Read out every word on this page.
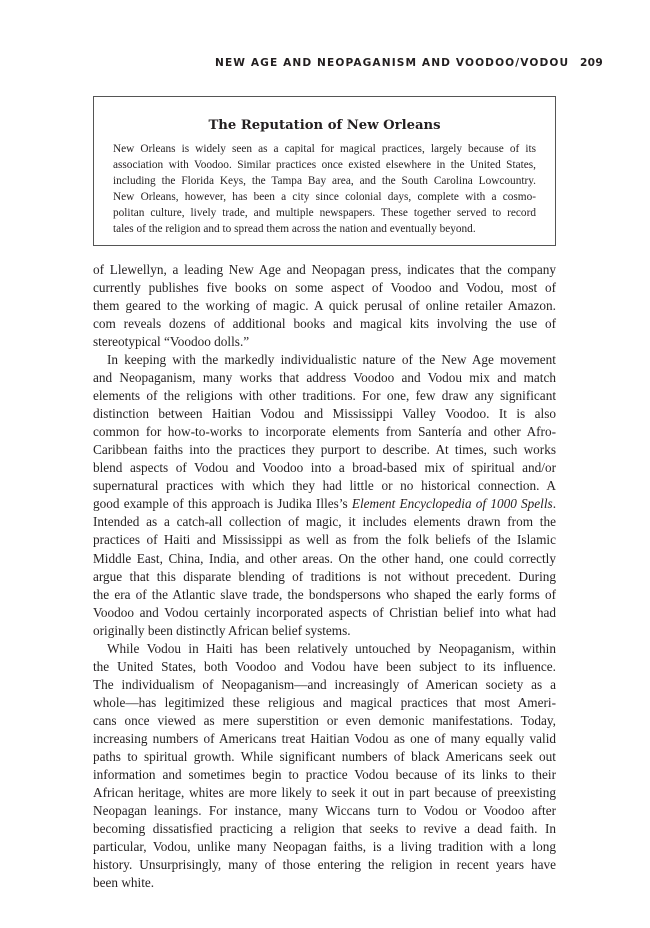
NEW AGE AND NEOPAGANISM AND VOODOO/VODOU 209
The Reputation of New Orleans
New Orleans is widely seen as a capital for magical practices, largely because of its
association with Voodoo. Similar practices once existed elsewhere in the United States,
including the Florida Keys, the Tampa Bay area, and the South Carolina Lowcountry.
New Orleans, however, has been a city since colonial days, complete with a cosmo-
politan culture, lively trade, and multiple newspapers. These together served to record
tales of the religion and to spread them across the nation and eventually beyond.
of Llewellyn, a leading New Age and Neopagan press, indicates that the company
currently publishes five books on some aspect of Voodoo and Vodou, most of
them geared to the working of magic. A quick perusal of online retailer Amazon.
com reveals dozens of additional books and magical kits involving the use of
stereotypical “Voodoo dolls.”
In keeping with the markedly individualistic nature of the New Age movement
and Neopaganism, many works that address Voodoo and Vodou mix and match
elements of the religions with other traditions. For one, few draw any significant
distinction between Haitian Vodou and Mississippi Valley Voodoo. It is also
common for how-to-works to incorporate elements from Santería and other Afro-
Caribbean faiths into the practices they purport to describe. At times, such works
blend aspects of Vodou and Voodoo into a broad-based mix of spiritual and/or
supernatural practices with which they had little or no historical connection. A
good example of this approach is Judika Illes’s Element Encyclopedia of 1000 Spells.
Intended as a catch-all collection of magic, it includes elements drawn from the
practices of Haiti and Mississippi as well as from the folk beliefs of the Islamic
Middle East, China, India, and other areas. On the other hand, one could correctly
argue that this disparate blending of traditions is not without precedent. During
the era of the Atlantic slave trade, the bondspersons who shaped the early forms of
Voodoo and Vodou certainly incorporated aspects of Christian belief into what had
originally been distinctly African belief systems.
While Vodou in Haiti has been relatively untouched by Neopaganism, within
the United States, both Voodoo and Vodou have been subject to its influence.
The individualism of Neopaganism—and increasingly of American society as a
whole—has legitimized these religious and magical practices that most Ameri-
cans once viewed as mere superstition or even demonic manifestations. Today,
increasing numbers of Americans treat Haitian Vodou as one of many equally valid
paths to spiritual growth. While significant numbers of black Americans seek out
information and sometimes begin to practice Vodou because of its links to their
African heritage, whites are more likely to seek it out in part because of preexisting
Neopagan leanings. For instance, many Wiccans turn to Vodou or Voodoo after
becoming dissatisfied practicing a religion that seeks to revive a dead faith. In
particular, Vodou, unlike many Neopagan faiths, is a living tradition with a long
history. Unsurprisingly, many of those entering the religion in recent years have
been white.
